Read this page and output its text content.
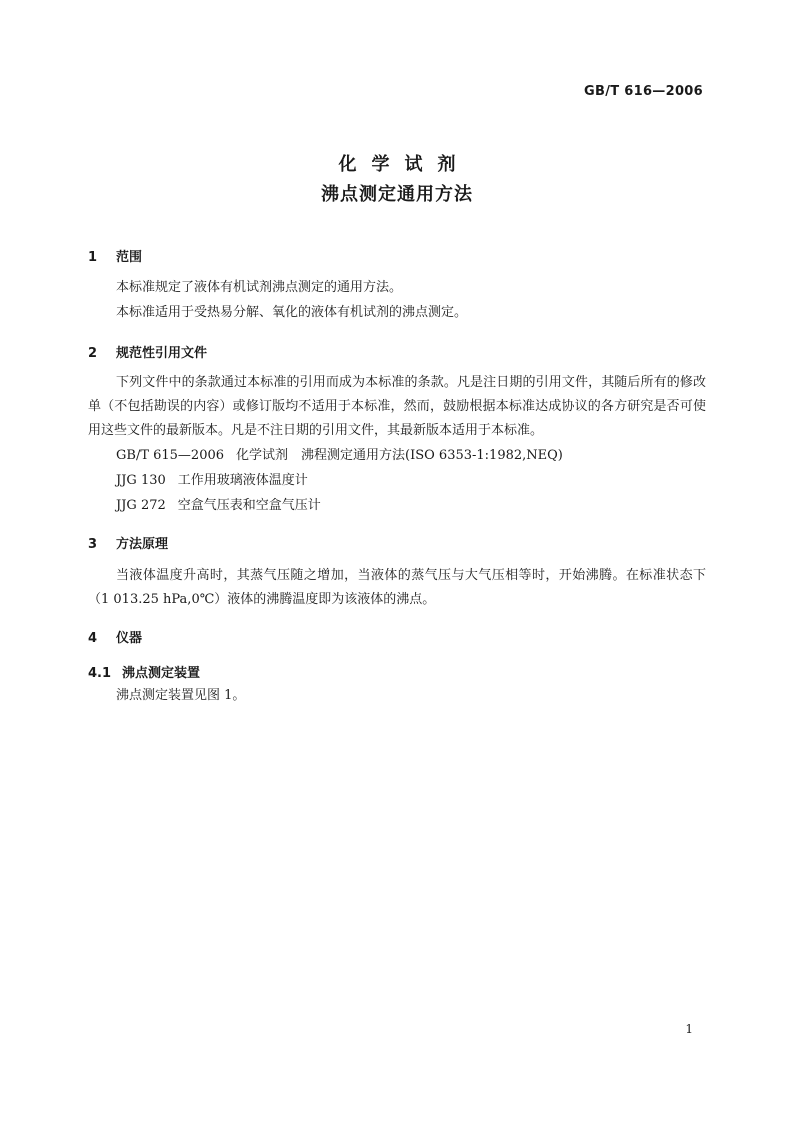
GB/T 616—2006
化学试剂
沸点测定通用方法
1 范围
本标准规定了液体有机试剂沸点测定的通用方法。
本标准适用于受热易分解、氧化的液体有机试剂的沸点测定。
2 规范性引用文件
下列文件中的条款通过本标准的引用而成为本标准的条款。凡是注日期的引用文件，其随后所有的修改单（不包括勘误的内容）或修订版均不适用于本标准，然而，鼓励根据本标准达成协议的各方研究是否可使用这些文件的最新版本。凡是不注日期的引用文件，其最新版本适用于本标准。
GB/T 615—2006 化学试剂　沸程测定通用方法(ISO 6353-1:1982,NEQ)
JJG 130 工作用玻璃液体温度计
JJG 272 空盒气压表和空盒气压计
3 方法原理
当液体温度升高时，其蒸气压随之增加，当液体的蒸气压与大气压相等时，开始沸腾。在标准状态下（1 013.25 hPa,0℃）液体的沸腾温度即为该液体的沸点。
4 仪器
4.1 沸点测定装置
沸点测定装置见图 1。
1
